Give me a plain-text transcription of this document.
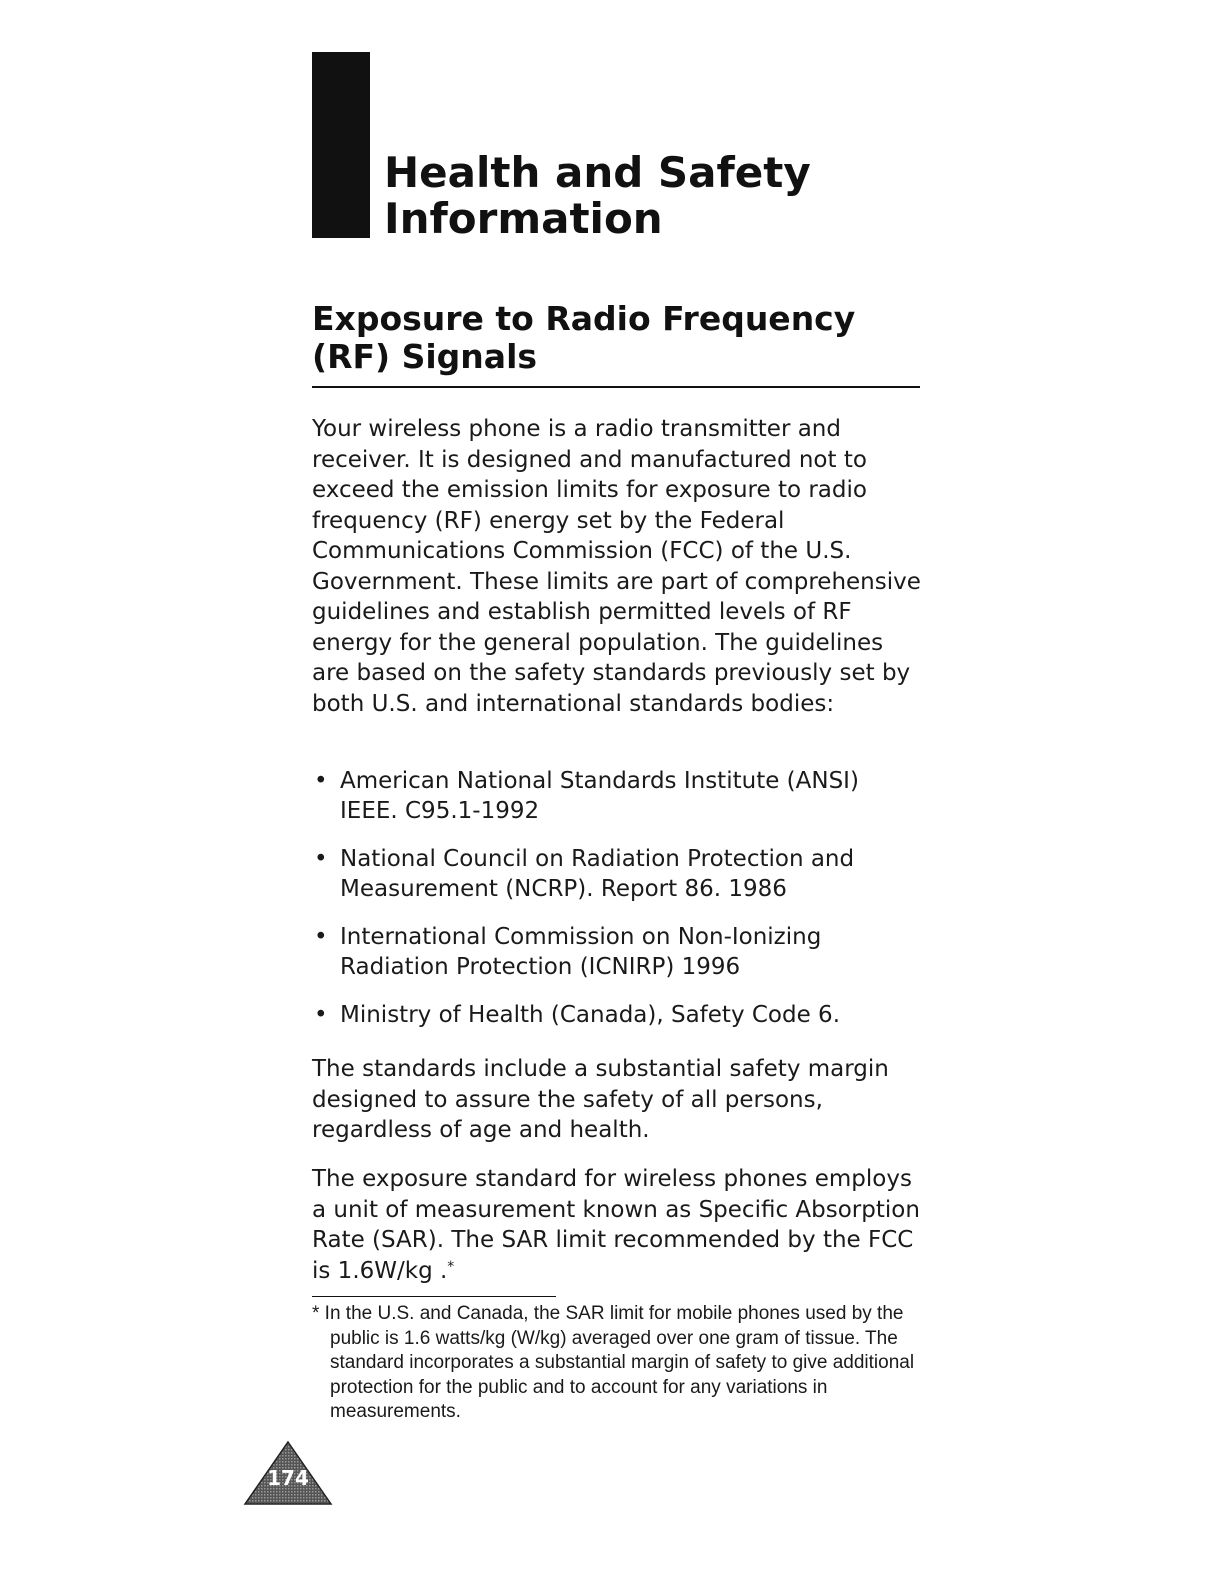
Health and Safety
Information
Exposure to Radio Frequency (RF) Signals

Your wireless phone is a radio transmitter and receiver. It is designed and manufactured not to exceed the emission limits for exposure to radio frequency (RF) energy set by the Federal Communications Commission (FCC) of the U.S. Government. These limits are part of comprehensive guidelines and establish permitted levels of RF energy for the general population. The guidelines are based on the safety standards previously set by both U.S. and international standards bodies:

• American National Standards Institute (ANSI) IEEE. C95.1-1992
• National Council on Radiation Protection and Measurement (NCRP). Report 86. 1986
• International Commission on Non-Ionizing Radiation Protection (ICNIRP) 1996
• Ministry of Health (Canada), Safety Code 6.

The standards include a substantial safety margin designed to assure the safety of all persons, regardless of age and health.

The exposure standard for wireless phones employs a unit of measurement known as Specific Absorption Rate (SAR). The SAR limit recommended by the FCC is 1.6W/kg .*

* In the U.S. and Canada, the SAR limit for mobile phones used by the public is 1.6 watts/kg (W/kg) averaged over one gram of tissue. The standard incorporates a substantial margin of safety to give additional protection for the public and to account for any variations in measurements.

174
